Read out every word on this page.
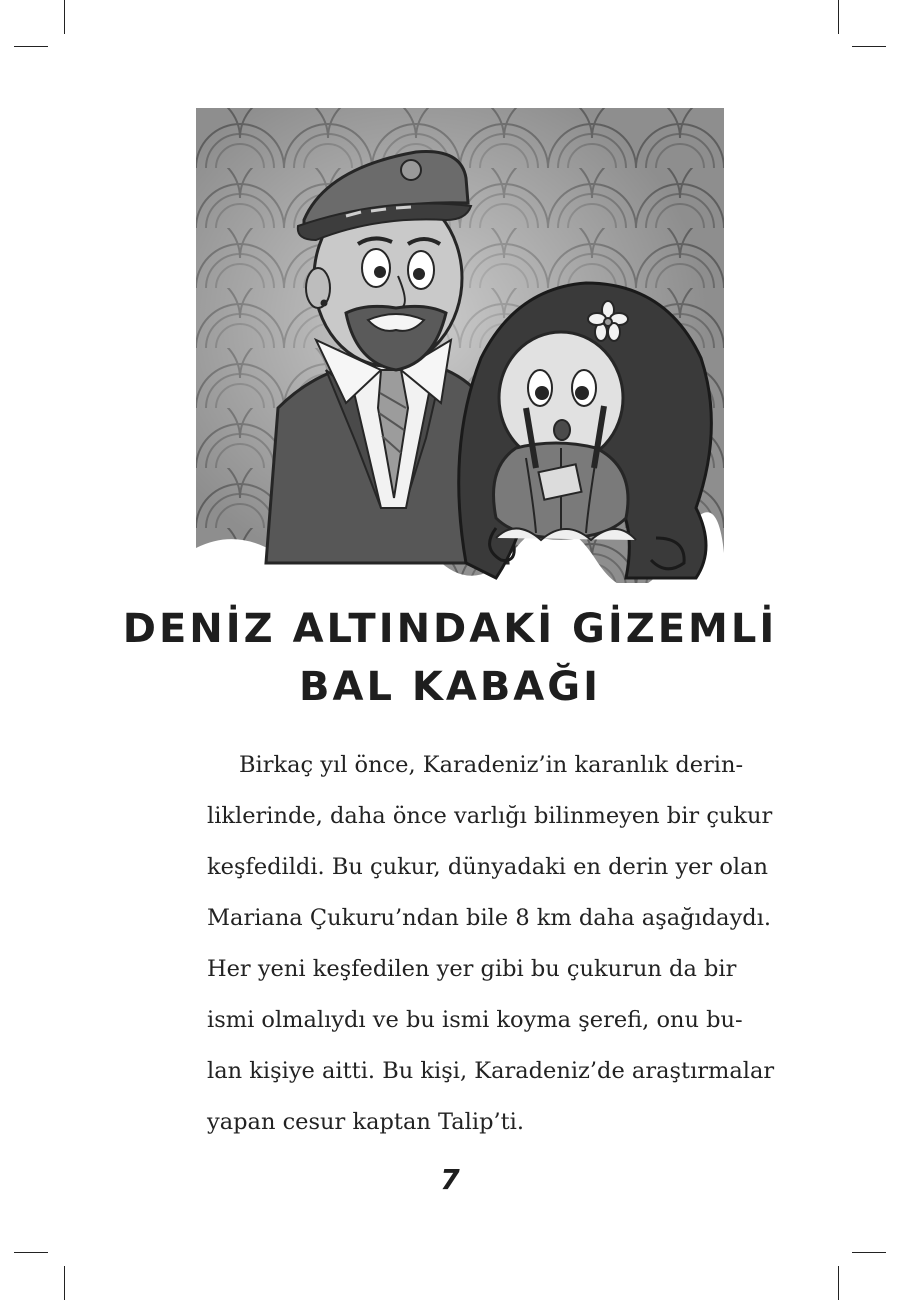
DENİZ ALTINDAKİ GİZEMLİ
BAL KABAĞI
Birkaç yıl önce, Karadeniz’in karanlık derin-
liklerinde, daha önce varlığı bilinmeyen bir çukur
keşfedildi. Bu çukur, dünyadaki en derin yer olan
Mariana Çukuru’ndan bile 8 km daha aşağıdaydı.
Her yeni keşfedilen yer gibi bu çukurun da bir
ismi olmalıydı ve bu ismi koyma şerefi, onu bu-
lan kişiye aitti. Bu kişi, Karadeniz’de araştırmalar
yapan cesur kaptan Talip’ti.
7
